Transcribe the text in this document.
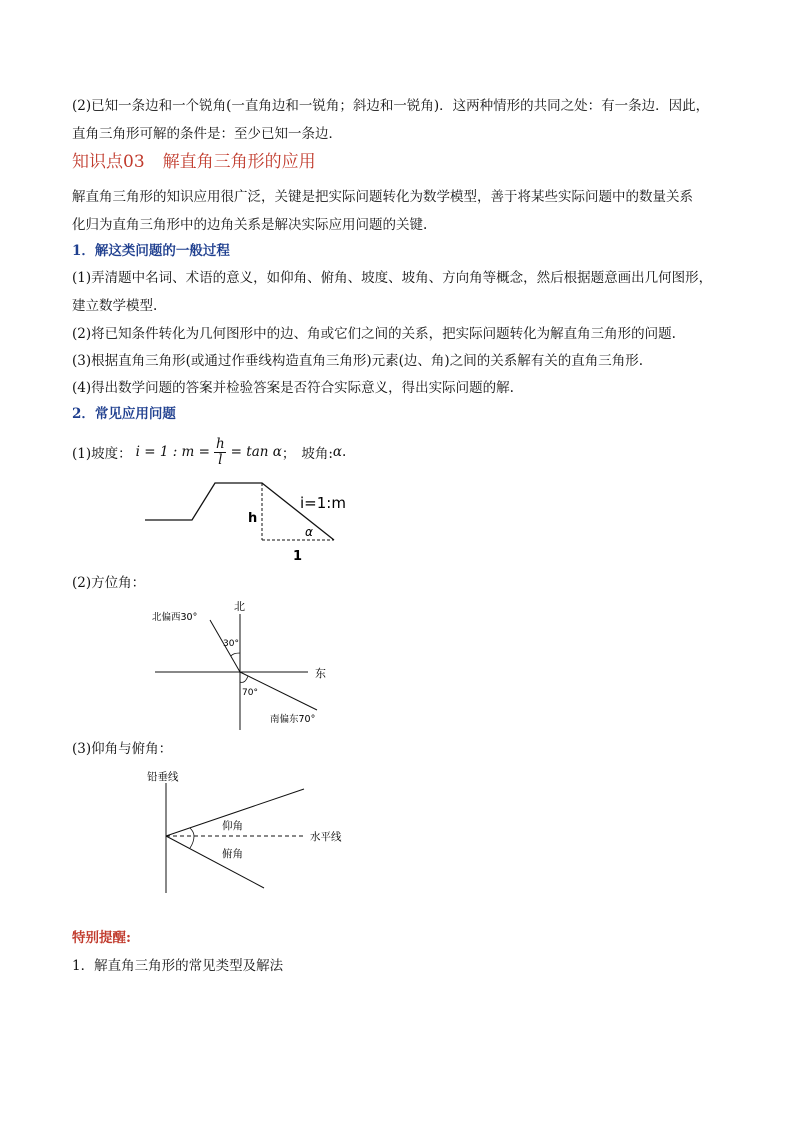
(2)已知一条边和一个锐角(一直角边和一锐角；斜边和一锐角)．这两种情形的共同之处：有一条边．因此，

直角三角形可解的条件是：至少已知一条边．

知识点03 解直角三角形的应用

解直角三角形的知识应用很广泛，关键是把实际问题转化为数学模型，善于将某些实际问题中的数量关系

化归为直角三角形中的边角关系是解决实际应用问题的关键.

1．解这类问题的一般过程

(1)弄清题中名词、术语的意义，如仰角、俯角、坡度、坡角、方向角等概念，然后根据题意画出几何图形，

建立数学模型.

(2)将已知条件转化为几何图形中的边、角或它们之间的关系，把实际问题转化为解直角三角形的问题.

(3)根据直角三角形(或通过作垂线构造直角三角形)元素(边、角)之间的关系解有关的直角三角形.

(4)得出数学问题的答案并检验答案是否符合实际意义，得出实际问题的解.

2．常见应用问题

(1)坡度： i = 1 : m =
h
l = tan α ； 坡角: α .
i=1:m
h
α
1

(2)方位角：

北
东
北偏西30°
30°
70°
南偏东70°

(3)仰角与俯角：

铅垂线
仰角
俯角
水平线
特别提醒:

1．解直角三角形的常见类型及解法
